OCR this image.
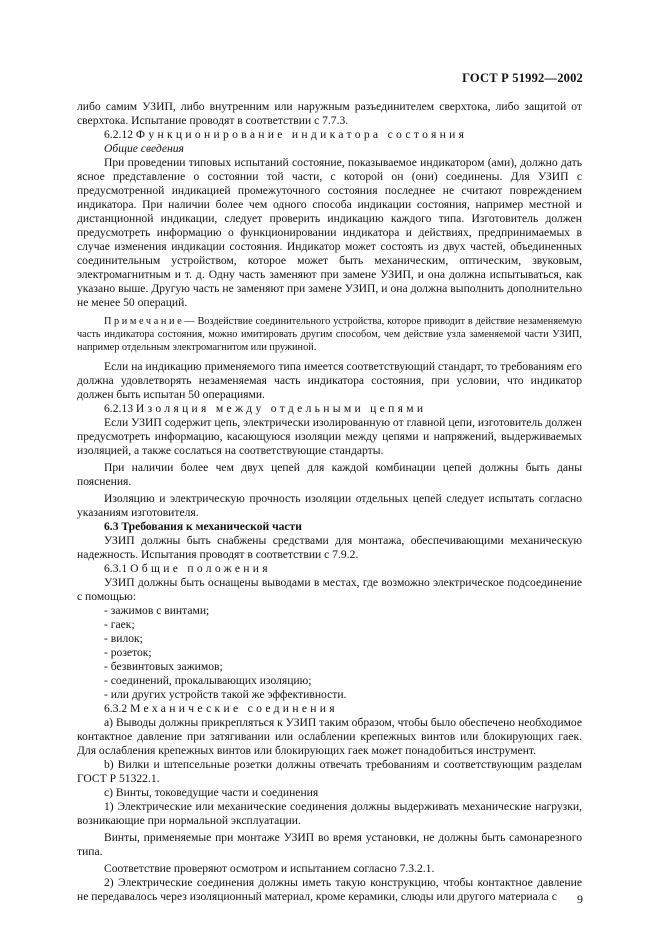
ГОСТ Р 51992—2002

либо самим УЗИП, либо внутренним или наружным разъединителем сверхтока, либо защитой от сверхтока. Испытание проводят в соответствии с 7.7.3.

6.2.12 Функционирование индикатора состояния

Общие сведения

При проведении типовых испытаний состояние, показываемое индикатором (ами), должно дать ясное представление о состоянии той части, с которой он (они) соединены. Для УЗИП с предусмотренной индикацией промежуточного состояния последнее не считают повреждением индикатора. При наличии более чем одного способа индикации состояния, например местной и дистанционной индикации, следует проверить индикацию каждого типа. Изготовитель должен предусмотреть информацию о функционировании индикатора и действиях, предпринимаемых в случае изменения индикации состояния. Индикатор может состоять из двух частей, объединенных соединительным устройством, которое может быть механическим, оптическим, звуковым, электромагнитным и т. д. Одну часть заменяют при замене УЗИП, и она должна испытываться, как указано выше. Другую часть не заменяют при замене УЗИП, и она должна выполнить дополнительно не менее 50 операций.

Примечание— Воздействие соединительного устройства, которое приводит в действие незаменяемую часть индикатора состояния, можно имитировать другим способом, чем действие узла заменяемой части УЗИП, например отдельным электромагнитом или пружиной.

Если на индикацию применяемого типа имеется соответствующий стандарт, то требованиям его должна удовлетворять незаменяемая часть индикатора состояния, при условии, что индикатор должен быть испытан 50 операциями.

6.2.13 Изоляция между отдельными цепями

Если УЗИП содержит цепь, электрически изолированную от главной цепи, изготовитель должен предусмотреть информацию, касающуюся изоляции между цепями и напряжений, выдерживаемых изоляцией, а также сослаться на соответствующие стандарты.

При наличии более чем двух цепей для каждой комбинации цепей должны быть даны пояснения.

Изоляцию и электрическую прочность изоляции отдельных цепей следует испытать согласно указаниям изготовителя.

6.3 Требования к механической части

УЗИП должны быть снабжены средствами для монтажа, обеспечивающими механическую надежность. Испытания проводят в соответствии с 7.9.2.

6.3.1 Общие положения

УЗИП должны быть оснащены выводами в местах, где возможно электрическое подсоединение с помощью:

- зажимов с винтами;
- гаек;
- вилок;
- розеток;
- безвинтовых зажимов;
- соединений, прокалывающих изоляцию;
- или других устройств такой же эффективности.

6.3.2 Механические соединения

а) Выводы должны прикрепляться к УЗИП таким образом, чтобы было обеспечено необходимое контактное давление при затягивании или ослаблении крепежных винтов или блокирующих гаек. Для ослабления крепежных винтов или блокирующих гаек может понадобиться инструмент.

b) Вилки и штепсельные розетки должны отвечать требованиям и соответствующим разделам ГОСТ Р 51322.1.

c) Винты, токоведущие части и соединения

1) Электрические или механические соединения должны выдерживать механические нагрузки, возникающие при нормальной эксплуатации.

Винты, применяемые при монтаже УЗИП во время установки, не должны быть самонарезного типа.

Соответствие проверяют осмотром и испытанием согласно 7.3.2.1.

2) Электрические соединения должны иметь такую конструкцию, чтобы контактное давление не передавалось через изоляционный материал, кроме керамики, слюды или другого материала с	9
